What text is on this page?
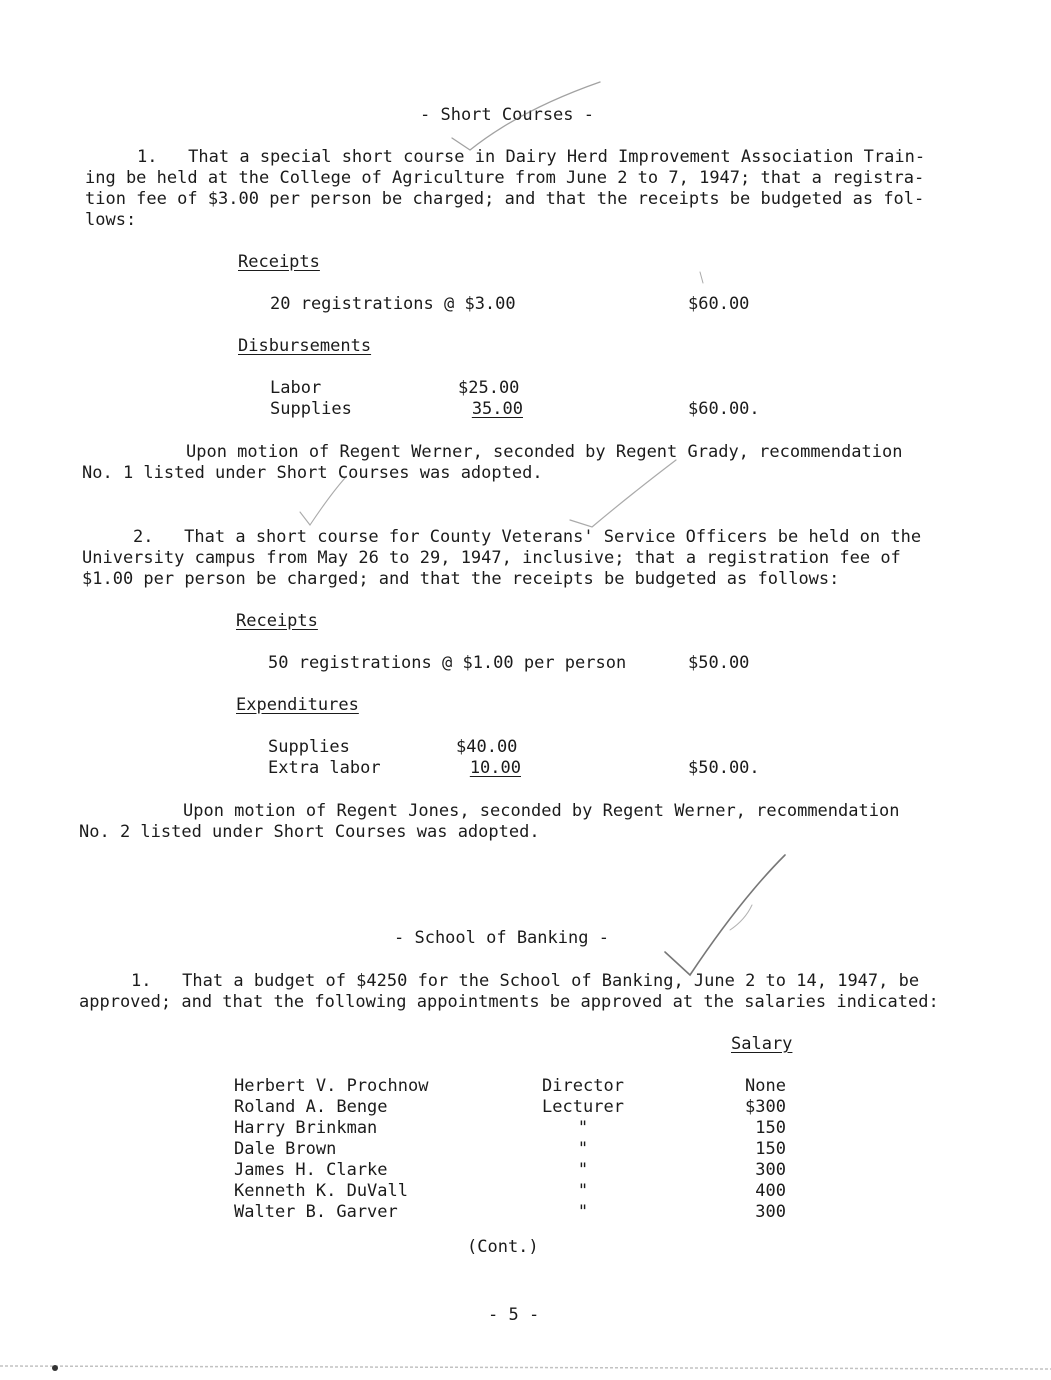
- Short Courses -
1.   That a special short course in Dairy Herd Improvement Association Train-
ing be held at the College of Agriculture from June 2 to 7, 1947; that a registra-
tion fee of $3.00 per person be charged; and that the receipts be budgeted as fol-
lows:
Receipts
20 registrations @ $3.00	$60.00
Disbursements
Labor	$25.00
Supplies	35.00	$60.00.
Upon motion of Regent Werner, seconded by Regent Grady, recommendation
No. 1 listed under Short Courses was adopted.
2.   That a short course for County Veterans' Service Officers be held on the
University campus from May 26 to 29, 1947, inclusive; that a registration fee of
$1.00 per person be charged; and that the receipts be budgeted as follows:
Receipts
50 registrations @ $1.00 per person	$50.00
Expenditures
Supplies	$40.00
Extra labor	10.00	$50.00.
Upon motion of Regent Jones, seconded by Regent Werner, recommendation
No. 2 listed under Short Courses was adopted.
- School of Banking -
1.   That a budget of $4250 for the School of Banking, June 2 to 14, 1947, be
approved; and that the following appointments be approved at the salaries indicated:
Salary
Herbert V. Prochnow	Director	None
Roland A. Benge	Lecturer	$300
Harry Brinkman	"	150
Dale Brown	"	150
James H. Clarke	"	300
Kenneth K. DuVall	"	400
Walter B. Garver	"	300
(Cont.)
- 5 -
